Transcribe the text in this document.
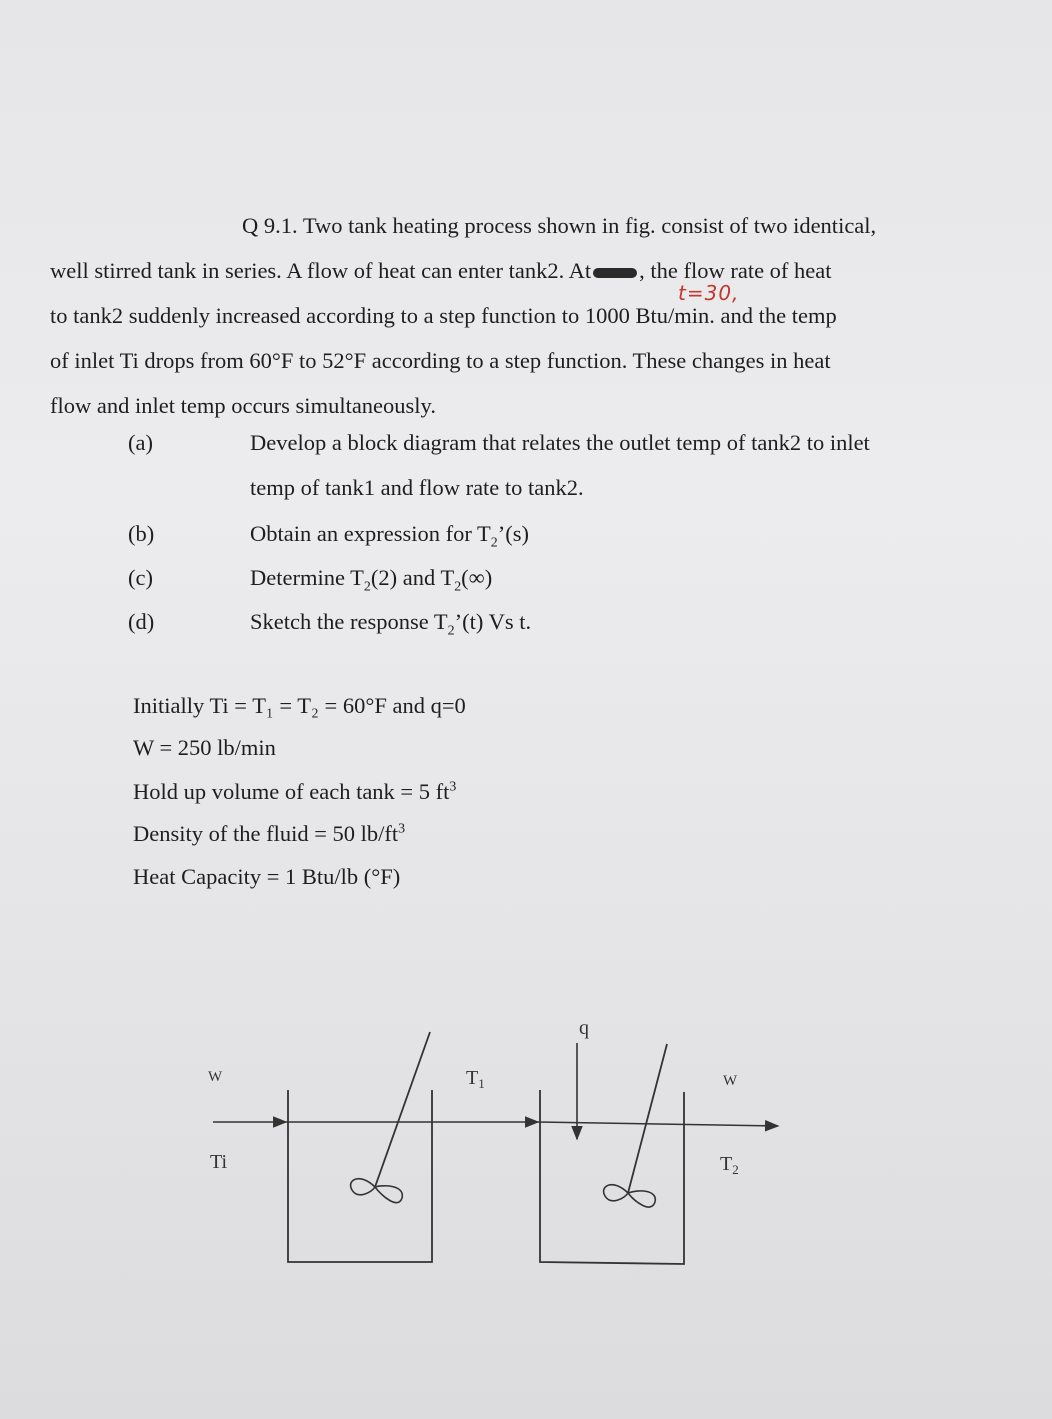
Q 9.1. Two tank heating process shown in fig. consist of two identical,
well stirred tank in series. A flow of heat can enter tank2. At , the flow rate of heat
to tank2 suddenly increased according to a step function to 1000 Btu/min. and the temp
of inlet Ti drops from 60°F to 52°F according to a step function. These changes in heat
flow and inlet temp occurs simultaneously.
t=30,
(a)	Develop a block diagram that relates the outlet temp of tank2 to inlet
temp of tank1 and flow rate to tank2.
(b)	Obtain an expression for $T_2’(s)$
(c)	Determine $T_2(2)$ and $T_2(\infty)$
(d)	Sketch the response $T_2’(t)$ Vs t.
Initially Ti = T₁ = T₂ = 60°F and q=0
W = 250 lb/min
Hold up volume of each tank = 5 $ft^3$
Density of the fluid = 50 $lb/ft^3$
Heat Capacity = 1 Btu/lb (°F)
W
Ti
$T_1$
q
W
$T_2$
